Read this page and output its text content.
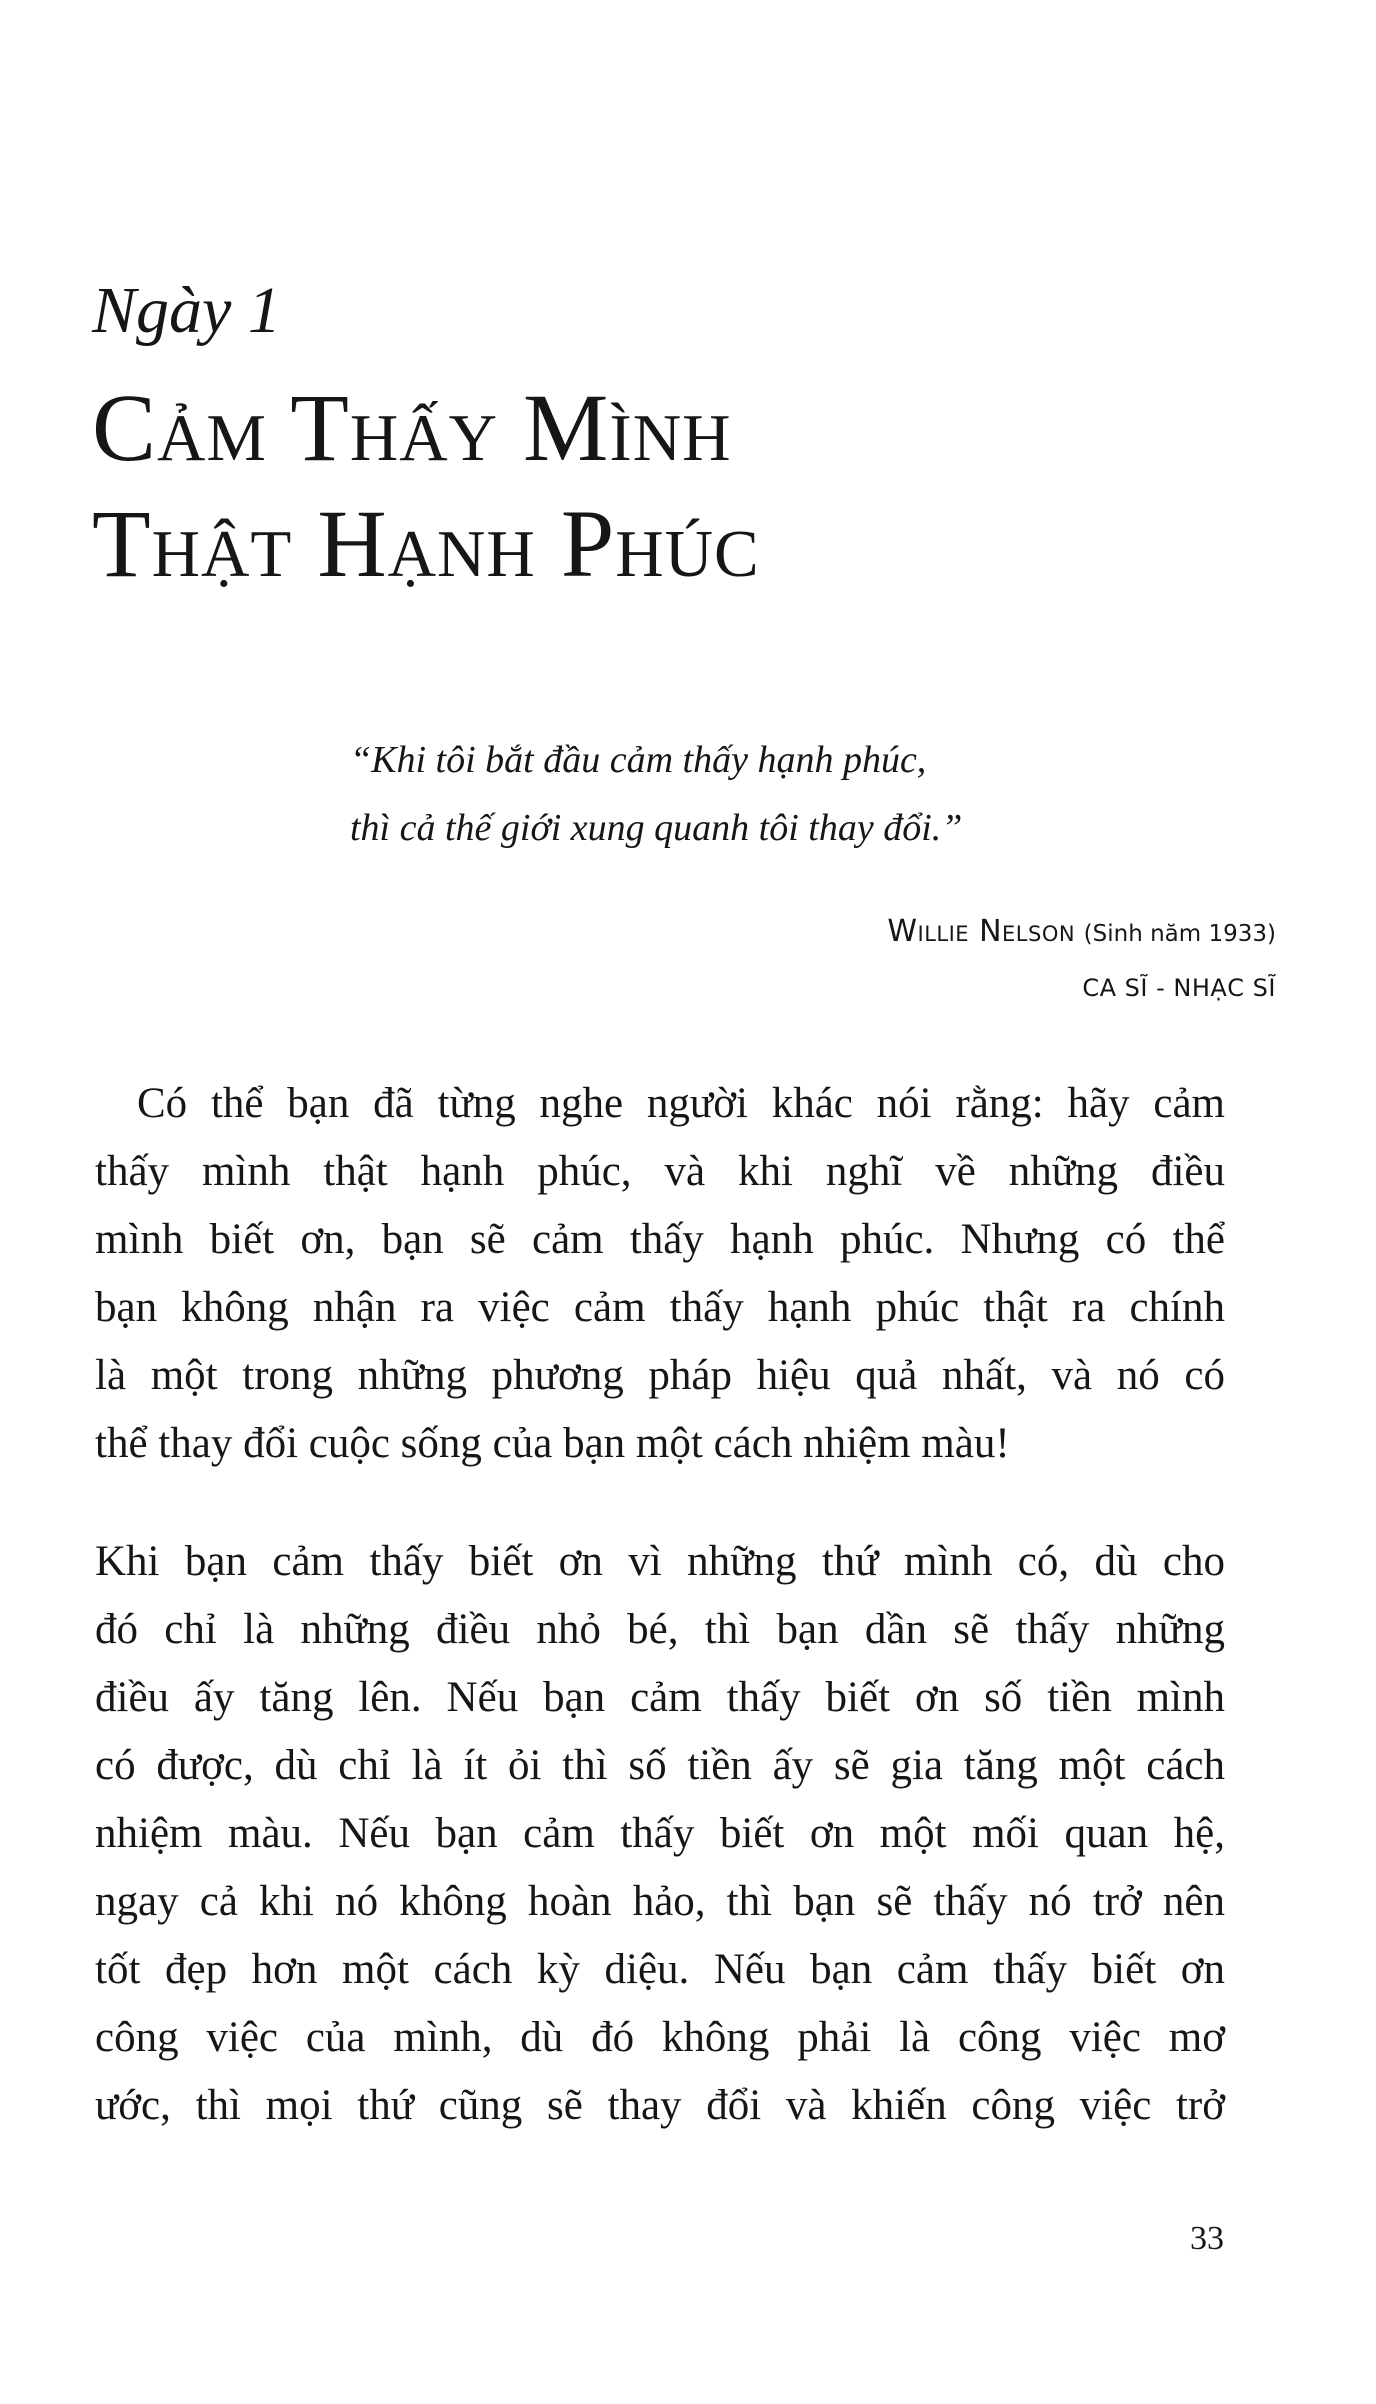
Ngày 1
Cảm Thấy Mình
Thật Hạnh Phúc
“Khi tôi bắt đầu cảm thấy hạnh phúc,
thì cả thế giới xung quanh tôi thay đổi.”
Willie Nelson (Sinh năm 1933)
CA SĨ - NHẠC SĨ
Có thể bạn đã từng nghe người khác nói rằng: hãy cảm
thấy mình thật hạnh phúc, và khi nghĩ về những điều
mình biết ơn, bạn sẽ cảm thấy hạnh phúc. Nhưng có thể
bạn không nhận ra việc cảm thấy hạnh phúc thật ra chính
là một trong những phương pháp hiệu quả nhất, và nó có
thể thay đổi cuộc sống của bạn một cách nhiệm màu!
Khi bạn cảm thấy biết ơn vì những thứ mình có, dù cho
đó chỉ là những điều nhỏ bé, thì bạn dần sẽ thấy những
điều ấy tăng lên. Nếu bạn cảm thấy biết ơn số tiền mình
có được, dù chỉ là ít ỏi thì số tiền ấy sẽ gia tăng một cách
nhiệm màu. Nếu bạn cảm thấy biết ơn một mối quan hệ,
ngay cả khi nó không hoàn hảo, thì bạn sẽ thấy nó trở nên
tốt đẹp hơn một cách kỳ diệu. Nếu bạn cảm thấy biết ơn
công việc của mình, dù đó không phải là công việc mơ
ước, thì mọi thứ cũng sẽ thay đổi và khiến công việc trở
33
